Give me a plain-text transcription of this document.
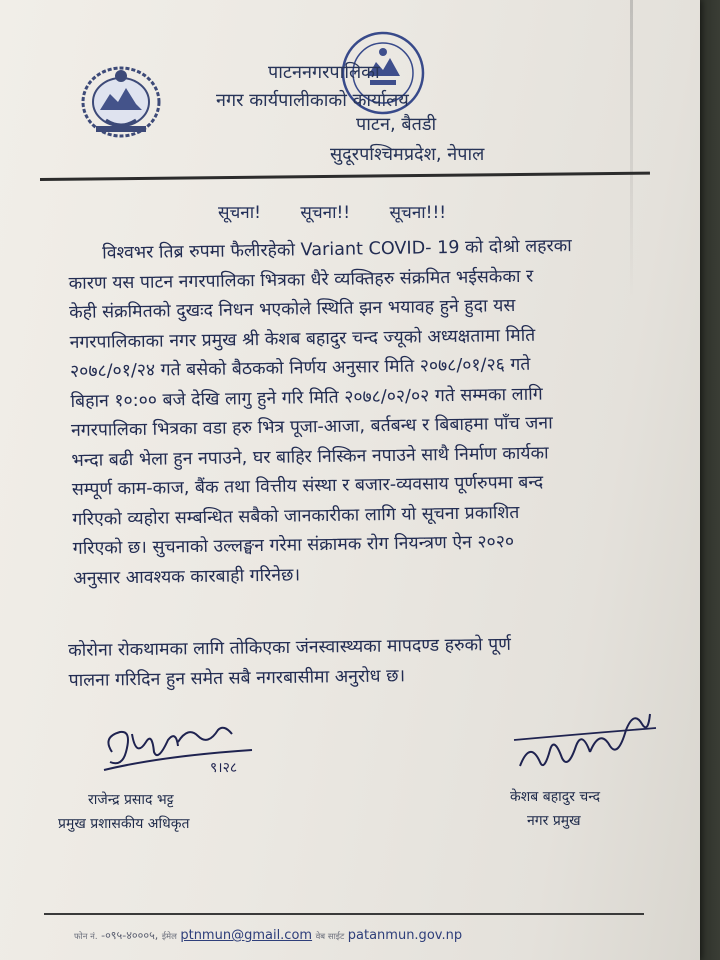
पाटननगरपालिका
नगर कार्यपालीकाको कार्यालय
पाटन, बैतडी
सुदूरपश्चिमप्रदेश, नेपाल
सूचना! सूचना!! सूचना!!!
विश्वभर तिब्र रुपमा फैलीरहेको Variant COVID- 19 को दोश्रो लहरका
कारण यस पाटन नगरपालिका भित्रका धैरे व्यक्तिहरु संक्रमित भईसकेका र
केही संक्रमितको दुखःद निधन भएकोले स्थिति झन भयावह हुने हुदा यस
नगरपालिकाका नगर प्रमुख श्री केशब बहादुर चन्द ज्यूको अध्यक्षतामा मिति
२०७८/०१/२४ गते बसेको बैठकको निर्णय अनुसार मिति २०७८/०१/२६ गते
बिहान १०:०० बजे देखि लागु हुने गरि मिति २०७८/०२/०२ गते सम्मका लागि
नगरपालिका भित्रका वडा हरु भित्र पूजा-आजा, बर्तबन्ध र बिबाहमा पाँच जना
भन्दा बढी भेला हुन नपाउने, घर बाहिर निस्किन नपाउने साथै निर्माण कार्यका
सम्पूर्ण काम-काज, बैंक तथा वित्तीय संस्था र बजार-व्यवसाय पूर्णरुपमा बन्द
गरिएको व्यहोरा सम्बन्धित सबैको जानकारीका लागि यो सूचना प्रकाशित
गरिएको छ। सुचनाको उल्लङ्घन गरेमा संक्रामक रोग नियन्त्रण ऐन २०२०
अनुसार आवश्यक कारबाही गरिनेछ।
कोरोना रोकथामका लागि तोकिएका जंनस्वास्थ्यका मापदण्ड हरुको पूर्ण
पालना गरिदिन हुन समेत सबै नगरबासीमा अनुरोध छ।
९।२८
राजेन्द्र प्रसाद भट्ट
प्रमुख प्रशासकीय अधिकृत
केशब बहादुर चन्द
नगर प्रमुख
फोन नं. -०९५-४०००५, ईमेल ptnmun@gmail.com वेब साईट patanmun.gov.np
